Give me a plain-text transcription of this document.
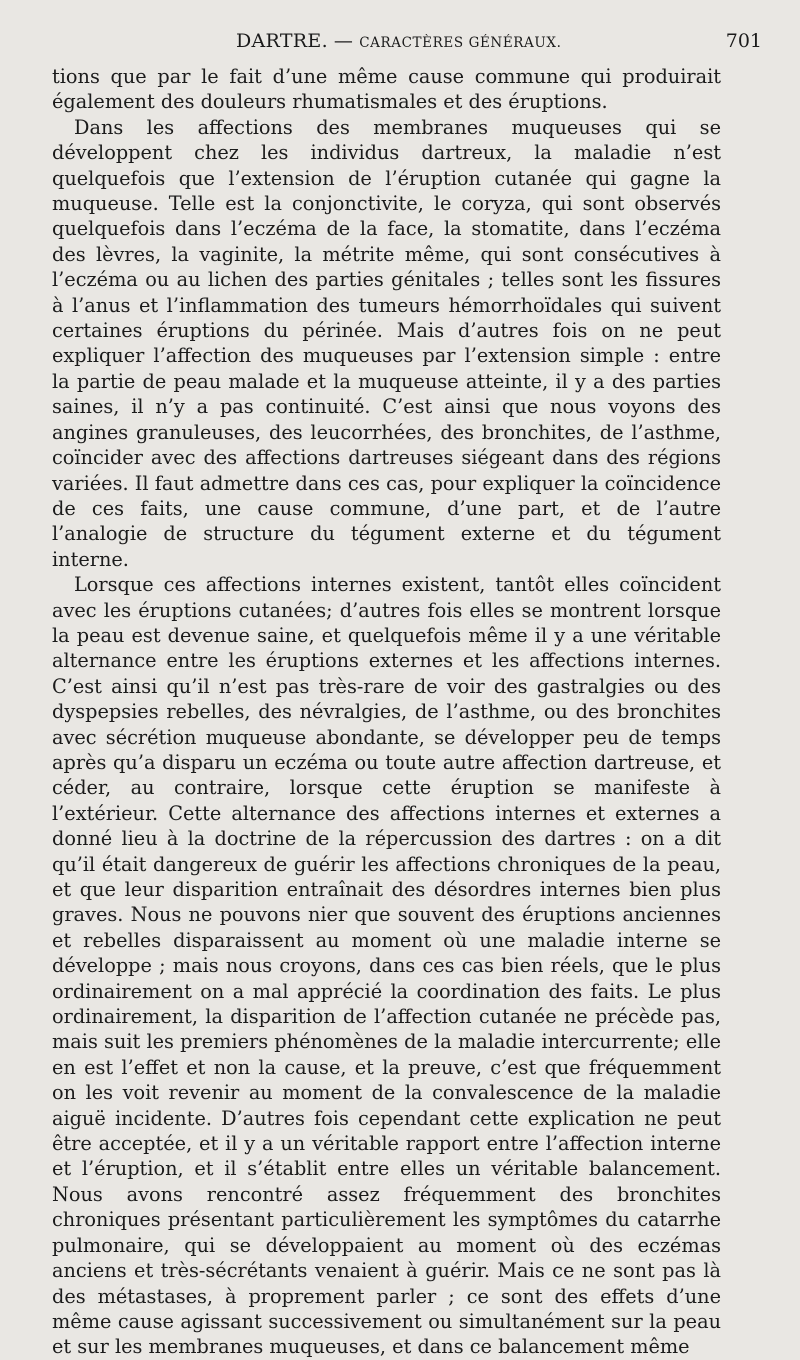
DARTRE. — CARACTÈRES GÉNÉRAUX.	701

tions que par le fait d’une même cause commune qui produirait également des douleurs rhumatismales et des éruptions.

Dans les affections des membranes muqueuses qui se développent chez les individus dartreux, la maladie n’est quelquefois que l’extension de l’éruption cutanée qui gagne la muqueuse. Telle est la conjonctivite, le coryza, qui sont observés quelquefois dans l’eczéma de la face, la stomatite, dans l’eczéma des lèvres, la vaginite, la métrite même, qui sont consécutives à l’eczéma ou au lichen des parties génitales ; telles sont les fissures à l’anus et l’inflammation des tumeurs hémorrhoïdales qui suivent certaines éruptions du périnée. Mais d’autres fois on ne peut expliquer l’affection des muqueuses par l’extension simple : entre la partie de peau malade et la muqueuse atteinte, il y a des parties saines, il n’y a pas continuité. C’est ainsi que nous voyons des angines granuleuses, des leucorrhées, des bronchites, de l’asthme, coïncider avec des affections dartreuses siégeant dans des régions variées. Il faut admettre dans ces cas, pour expliquer la coïncidence de ces faits, une cause commune, d’une part, et de l’autre l’analogie de structure du tégument externe et du tégument interne.

Lorsque ces affections internes existent, tantôt elles coïncident avec les éruptions cutanées; d’autres fois elles se montrent lorsque la peau est devenue saine, et quelquefois même il y a une véritable alternance entre les éruptions externes et les affections internes. C’est ainsi qu’il n’est pas très-rare de voir des gastralgies ou des dyspepsies rebelles, des névralgies, de l’asthme, ou des bronchites avec sécrétion muqueuse abondante, se développer peu de temps après qu’a disparu un eczéma ou toute autre affection dartreuse, et céder, au contraire, lorsque cette éruption se manifeste à l’extérieur. Cette alternance des affections internes et externes a donné lieu à la doctrine de la répercussion des dartres : on a dit qu’il était dangereux de guérir les affections chroniques de la peau, et que leur disparition entraînait des désordres internes bien plus graves. Nous ne pouvons nier que souvent des éruptions anciennes et rebelles disparaissent au moment où une maladie interne se développe ; mais nous croyons, dans ces cas bien réels, que le plus ordinairement on a mal apprécié la coordination des faits. Le plus ordinairement, la disparition de l’affection cutanée ne précède pas, mais suit les premiers phénomènes de la maladie intercurrente; elle en est l’effet et non la cause, et la preuve, c’est que fréquemment on les voit revenir au moment de la convalescence de la maladie aiguë incidente. D’autres fois cependant cette explication ne peut être acceptée, et il y a un véritable rapport entre l’affection interne et l’éruption, et il s’établit entre elles un véritable balancement. Nous avons rencontré assez fréquemment des bronchites chroniques présentant particulièrement les symptômes du catarrhe pulmonaire, qui se développaient au moment où des eczémas anciens et très-sécrétants venaient à guérir. Mais ce ne sont pas là des métastases, à proprement parler ; ce sont des effets d’une même cause agissant successivement ou simultanément sur la peau et sur les membranes muqueuses, et dans ce balancement même
